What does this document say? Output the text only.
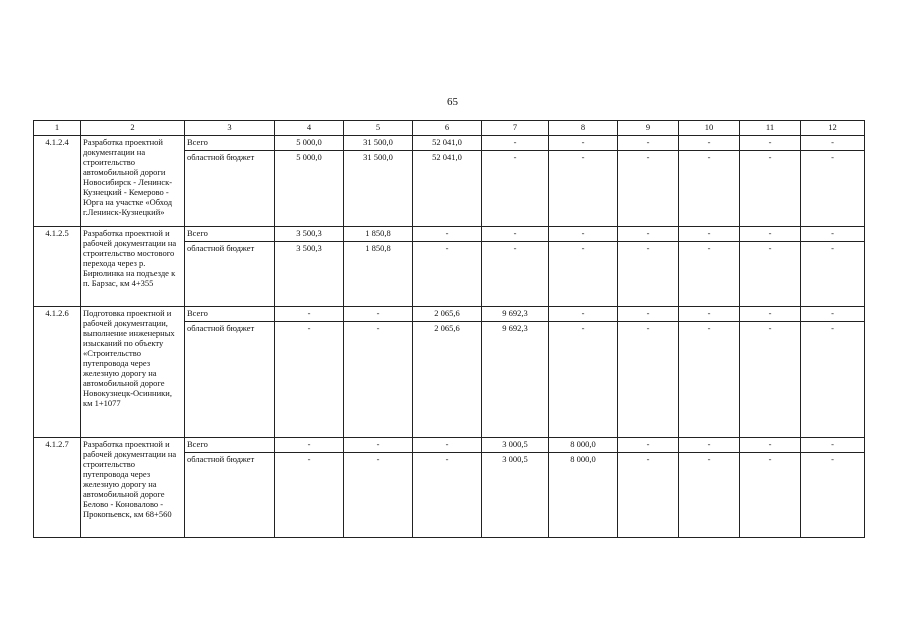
65
1	2	3	4	5	6	7	8	9	10	11	12
4.1.2.4	Разработка проектной документации на строительство автомобильной дороги Новосибирск - Ленинск-Кузнецкий - Кемерово - Юрга на участке «Обход г.Ленинск-Кузнецкий»	Всего	5 000,0	31 500,0	52 041,0	-	-	-	-	-	-
		областной бюджет	5 000,0	31 500,0	52 041,0	-	-	-	-	-	-
4.1.2.5	Разработка проектной и рабочей документации на строительство мостового перехода через р. Бирюлинка на подъезде к п. Барзас, км 4+355	Всего	3 500,3	1 850,8	-	-	-	-	-	-	-
		областной бюджет	3 500,3	1 850,8	-	-	-	-	-	-	-
4.1.2.6	Подготовка проектной и рабочей документации, выполнение инженерных изысканий по объекту «Строительство путепровода через железную дорогу на автомобильной дороге Новокузнецк-Осинники, км 1+1077	Всего	-	-	2 065,6	9 692,3	-	-	-	-	-
		областной бюджет	-	-	2 065,6	9 692,3	-	-	-	-	-
4.1.2.7	Разработка проектной и рабочей документации на строительство путепровода через железную дорогу на автомобильной дороге Белово - Коновалово - Прокопьевск, км 68+560	Всего	-	-	-	3 000,5	8 000,0	-	-	-	-
		областной бюджет	-	-	-	3 000,5	8 000,0	-	-	-	-
